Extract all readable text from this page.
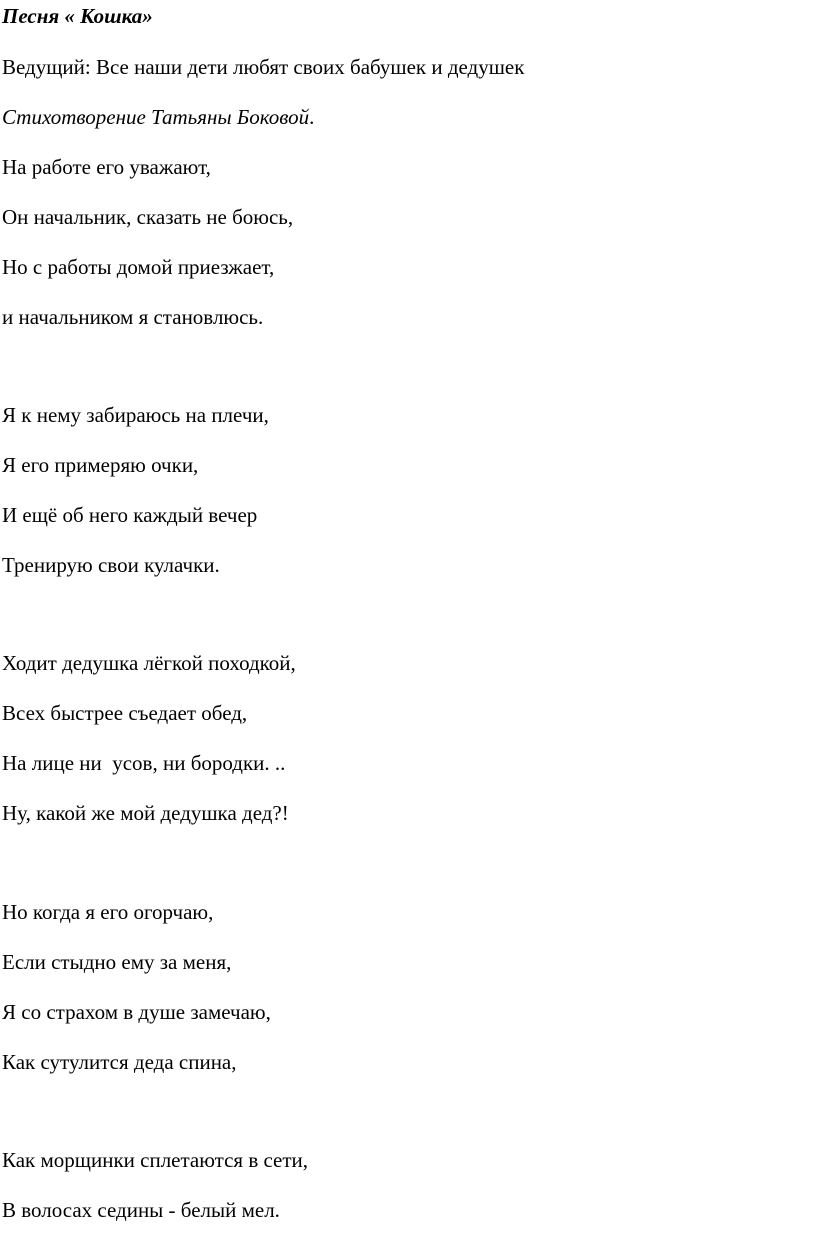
Песня « Кошка»
Ведущий: Все наши дети любят своих бабушек и дедушек
Стихотворение Татьяны Боковой.
На работе его уважают,
Он начальник, сказать не боюсь,
Но с работы домой приезжает,
и начальником я становлюсь.
Я к нему забираюсь на плечи,
Я его примеряю очки,
И ещё об него каждый вечер
Тренирую свои кулачки.
Ходит дедушка лёгкой походкой,
Всех быстрее съедает обед,
На лице ни  усов, ни бородки. ..
Ну, какой же мой дедушка дед?!
Но когда я его огорчаю,
Если стыдно ему за меня,
Я со страхом в душе замечаю,
Как сутулится деда спина,
Как морщинки сплетаются в сети,
В волосах седины - белый мел.
